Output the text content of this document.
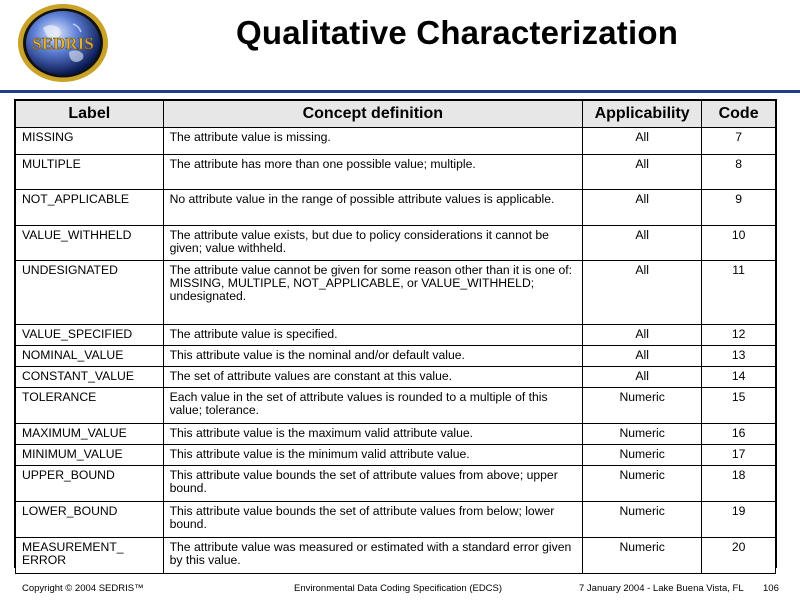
SEDRIS	Qualitative Characterization
Label	Concept definition	Applicability	Code
MISSING	The attribute value is missing.	All	7
MULTIPLE	The attribute has more than one possible value; multiple.	All	8
NOT_APPLICABLE	No attribute value in the range of possible attribute values is applicable.	All	9
VALUE_WITHHELD	The attribute value exists, but due to policy considerations it cannot be given; value withheld.	All	10
UNDESIGNATED	The attribute value cannot be given for some reason other than it is one of: MISSING, MULTIPLE, NOT_APPLICABLE, or VALUE_WITHHELD; undesignated.	All	11
VALUE_SPECIFIED	The attribute value is specified.	All	12
NOMINAL_VALUE	This attribute value is the nominal and/or default value.	All	13
CONSTANT_VALUE	The set of attribute values are constant at this value.	All	14
TOLERANCE	Each value in the set of attribute values is rounded to a multiple of this value; tolerance.	Numeric	15
MAXIMUM_VALUE	This attribute value is the maximum valid attribute value.	Numeric	16
MINIMUM_VALUE	This attribute value is the minimum valid attribute value.	Numeric	17
UPPER_BOUND	This attribute value bounds the set of attribute values from above; upper bound.	Numeric	18
LOWER_BOUND	This attribute value bounds the set of attribute values from below; lower bound.	Numeric	19
MEASUREMENT_ ERROR	The attribute value was measured or estimated with a standard error given by this value.	Numeric	20
Copyright © 2004 SEDRIS™	Environmental Data Coding Specification (EDCS)	7 January 2004 - Lake Buena Vista, FL 106
